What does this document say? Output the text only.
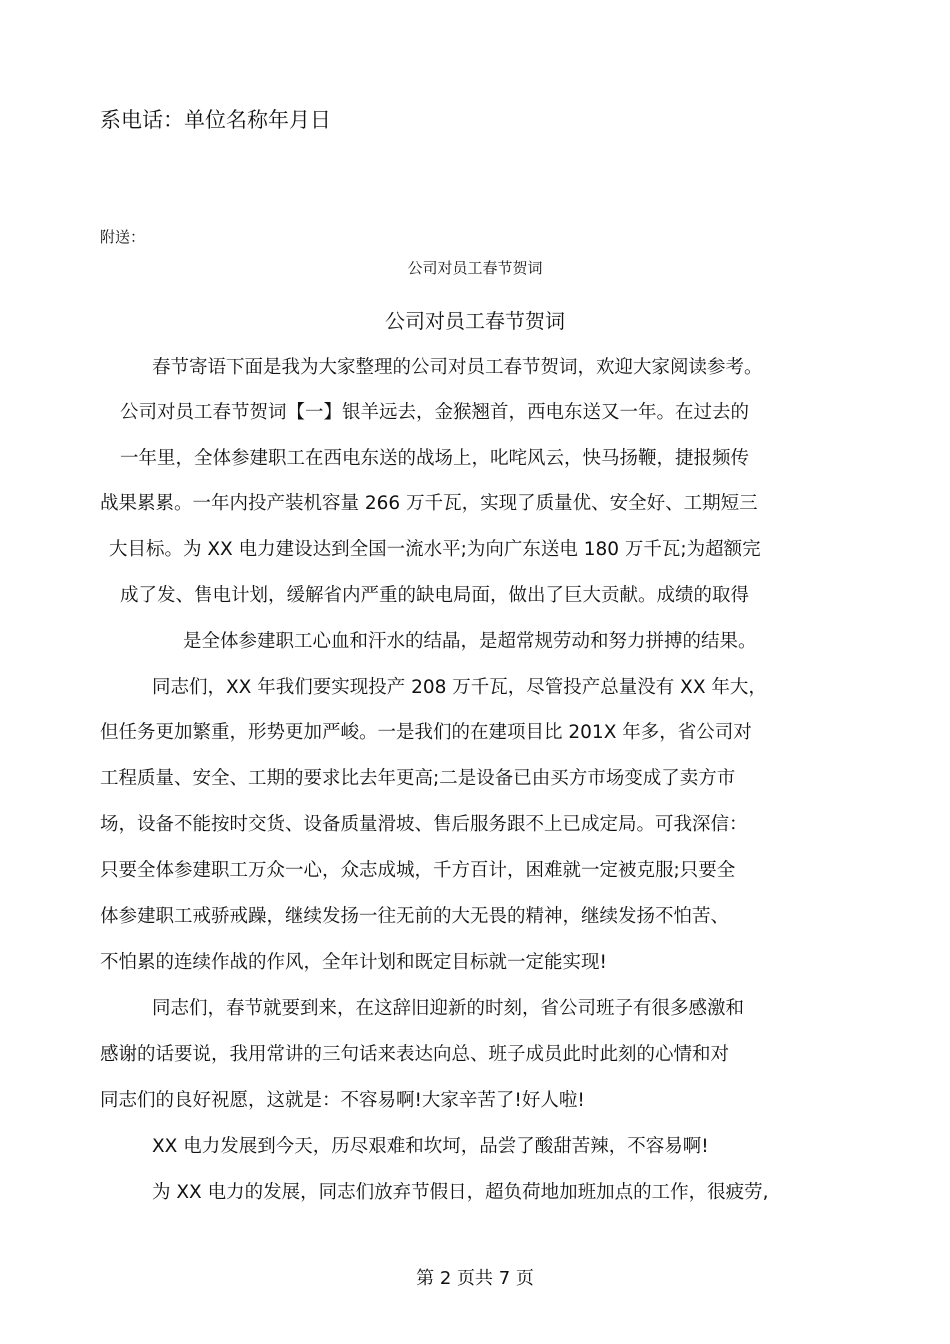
系电话：单位名称年月日
附送：
公司对员工春节贺词
公司对员工春节贺词
春节寄语下面是我为大家整理的公司对员工春节贺词，欢迎大家阅读参考。
公司对员工春节贺词【一】银羊远去，金猴翘首，西电东送又一年。在过去的
一年里，全体参建职工在西电东送的战场上，叱咤风云，快马扬鞭，捷报频传
战果累累。一年内投产装机容量 266 万千瓦，实现了质量优、安全好、工期短三
大目标。为 XX 电力建设达到全国一流水平;为向广东送电 180 万千瓦;为超额完
成了发、售电计划，缓解省内严重的缺电局面，做出了巨大贡献。成绩的取得
是全体参建职工心血和汗水的结晶，是超常规劳动和努力拼搏的结果。
同志们，XX 年我们要实现投产 208 万千瓦，尽管投产总量没有 XX 年大，
但任务更加繁重，形势更加严峻。一是我们的在建项目比 201X 年多，省公司对
工程质量、安全、工期的要求比去年更高;二是设备已由买方市场变成了卖方市
场，设备不能按时交货、设备质量滑坡、售后服务跟不上已成定局。可我深信：
只要全体参建职工万众一心，众志成城，千方百计，困难就一定被克服;只要全
体参建职工戒骄戒躁，继续发扬一往无前的大无畏的精神，继续发扬不怕苦、
不怕累的连续作战的作风，全年计划和既定目标就一定能实现!
同志们，春节就要到来，在这辞旧迎新的时刻，省公司班子有很多感激和
感谢的话要说，我用常讲的三句话来表达向总、班子成员此时此刻的心情和对
同志们的良好祝愿，这就是：不容易啊!大家辛苦了!好人啦!
XX 电力发展到今天，历尽艰难和坎坷，品尝了酸甜苦辣，不容易啊!
为 XX 电力的发展，同志们放弃节假日，超负荷地加班加点的工作，很疲劳,
第 2 页共 7 页
